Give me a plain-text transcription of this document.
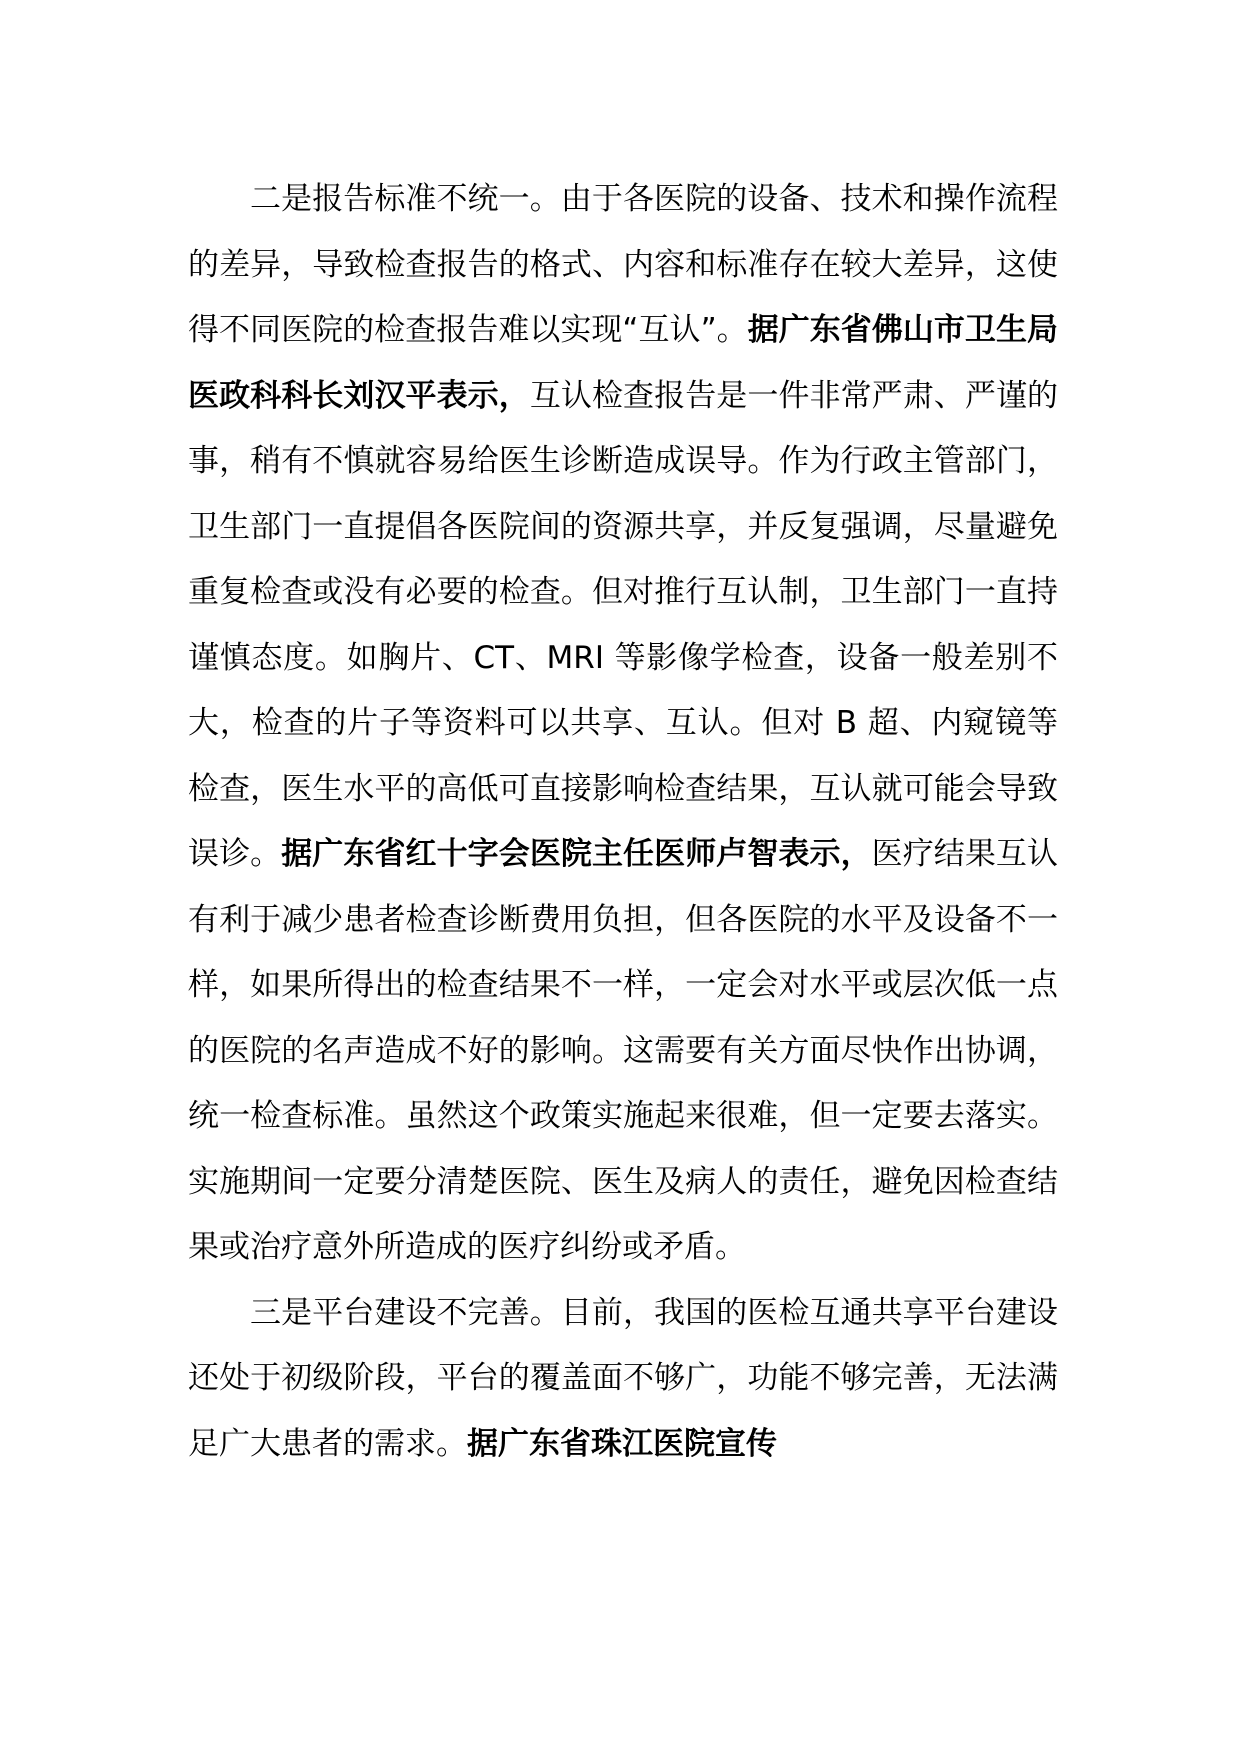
二是报告标准不统一。由于各医院的设备、技术和操作流程的差异，导致检查报告的格式、内容和标准存在较大差异，这使得不同医院的检查报告难以实现“互认”。据广东省佛山市卫生局医政科科长刘汉平表示，互认检查报告是一件非常严肃、严谨的事，稍有不慎就容易给医生诊断造成误导。作为行政主管部门，卫生部门一直提倡各医院间的资源共享，并反复强调，尽量避免重复检查或没有必要的检查。但对推行互认制，卫生部门一直持谨慎态度。如胸片、CT、MRI 等影像学检查，设备一般差别不大，检查的片子等资料可以共享、互认。但对 B 超、内窥镜等检查，医生水平的高低可直接影响检查结果，互认就可能会导致误诊。据广东省红十字会医院主任医师卢智表示，医疗结果互认有利于减少患者检查诊断费用负担，但各医院的水平及设备不一样，如果所得出的检查结果不一样，一定会对水平或层次低一点的医院的名声造成不好的影响。这需要有关方面尽快作出协调，统一检查标准。虽然这个政策实施起来很难，但一定要去落实。实施期间一定要分清楚医院、医生及病人的责任，避免因检查结果或治疗意外所造成的医疗纠纷或矛盾。

三是平台建设不完善。目前，我国的医检互通共享平台建设还处于初级阶段，平台的覆盖面不够广，功能不够完善，无法满足广大患者的需求。据广东省珠江医院宣传
